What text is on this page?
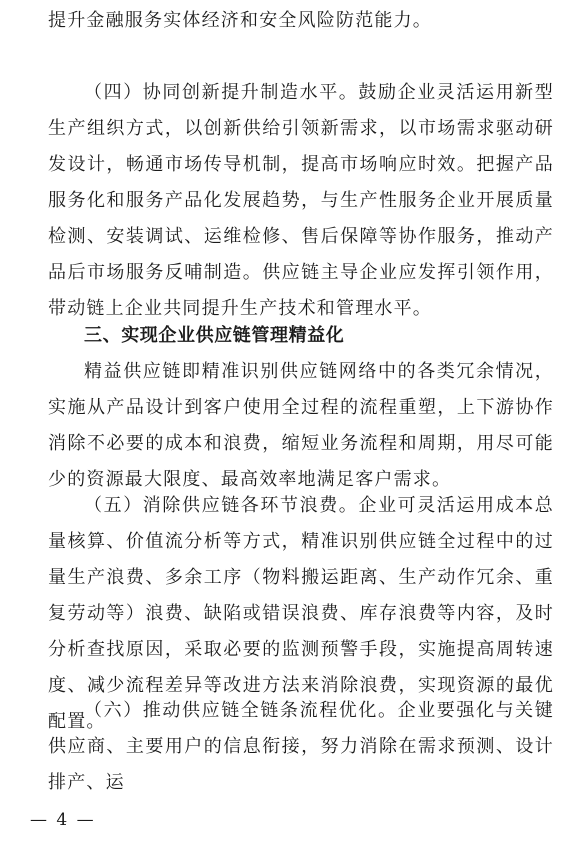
提升金融服务实体经济和安全风险防范能力。
（四）协同创新提升制造水平。鼓励企业灵活运用新型生产组织方式，以创新供给引领新需求，以市场需求驱动研发设计，畅通市场传导机制，提高市场响应时效。把握产品服务化和服务产品化发展趋势，与生产性服务企业开展质量检测、安装调试、运维检修、售后保障等协作服务，推动产品后市场服务反哺制造。供应链主导企业应发挥引领作用，带动链上企业共同提升生产技术和管理水平。
三、实现企业供应链管理精益化
精益供应链即精准识别供应链网络中的各类冗余情况，实施从产品设计到客户使用全过程的流程重塑，上下游协作消除不必要的成本和浪费，缩短业务流程和周期，用尽可能少的资源最大限度、最高效率地满足客户需求。
（五）消除供应链各环节浪费。企业可灵活运用成本总量核算、价值流分析等方式，精准识别供应链全过程中的过量生产浪费、多余工序（物料搬运距离、生产动作冗余、重复劳动等）浪费、缺陷或错误浪费、库存浪费等内容，及时分析查找原因，采取必要的监测预警手段，实施提高周转速度、减少流程差异等改进方法来消除浪费，实现资源的最优配置。
（六）推动供应链全链条流程优化。企业要强化与关键供应商、主要用户的信息衔接，努力消除在需求预测、设计排产、运
— 4 —
